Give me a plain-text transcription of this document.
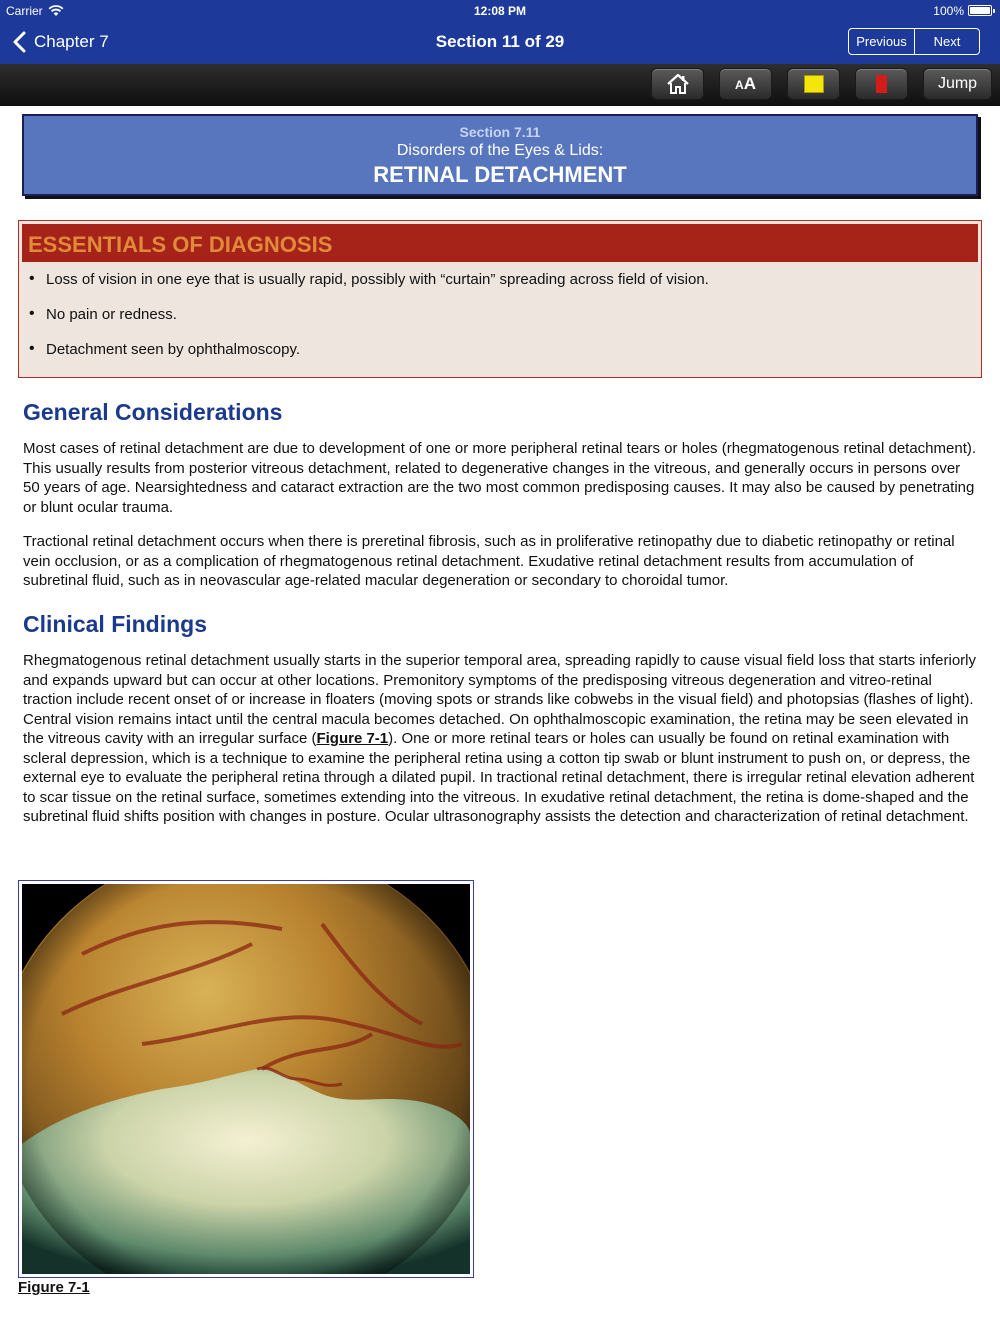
Carrier	12:08 PM	100%
Chapter 7	Section 11 of 29	Previous	Next
AA	Jump
Section 7.11
Disorders of the Eyes & Lids:
RETINAL DETACHMENT
ESSENTIALS OF DIAGNOSIS
• Loss of vision in one eye that is usually rapid, possibly with “curtain” spreading across field of vision.
• No pain or redness.
• Detachment seen by ophthalmoscopy.
General Considerations

Most cases of retinal detachment are due to development of one or more peripheral retinal tears or holes (rhegmatogenous retinal detachment). This usually results from posterior vitreous detachment, related to degenerative changes in the vitreous, and generally occurs in persons over 50 years of age. Nearsightedness and cataract extraction are the two most common predisposing causes. It may also be caused by penetrating or blunt ocular trauma.

Tractional retinal detachment occurs when there is preretinal fibrosis, such as in proliferative retinopathy due to diabetic retinopathy or retinal vein occlusion, or as a complication of rhegmatogenous retinal detachment. Exudative retinal detachment results from accumulation of subretinal fluid, such as in neovascular age-related macular degeneration or secondary to choroidal tumor.

Clinical Findings

Rhegmatogenous retinal detachment usually starts in the superior temporal area, spreading rapidly to cause visual field loss that starts inferiorly and expands upward but can occur at other locations. Premonitory symptoms of the predisposing vitreous degeneration and vitreo-retinal traction include recent onset of or increase in floaters (moving spots or strands like cobwebs in the visual field) and photopsias (flashes of light). Central vision remains intact until the central macula becomes detached. On ophthalmoscopic examination, the retina may be seen elevated in the vitreous cavity with an irregular surface (Figure 7-1). One or more retinal tears or holes can usually be found on retinal examination with scleral depression, which is a technique to examine the peripheral retina using a cotton tip swab or blunt instrument to push on, or depress, the external eye to evaluate the peripheral retina through a dilated pupil. In tractional retinal detachment, there is irregular retinal elevation adherent to scar tissue on the retinal surface, sometimes extending into the vitreous. In exudative retinal detachment, the retina is dome-shaped and the subretinal fluid shifts position with changes in posture. Ocular ultrasonography assists the detection and characterization of retinal detachment.

Figure 7-1
